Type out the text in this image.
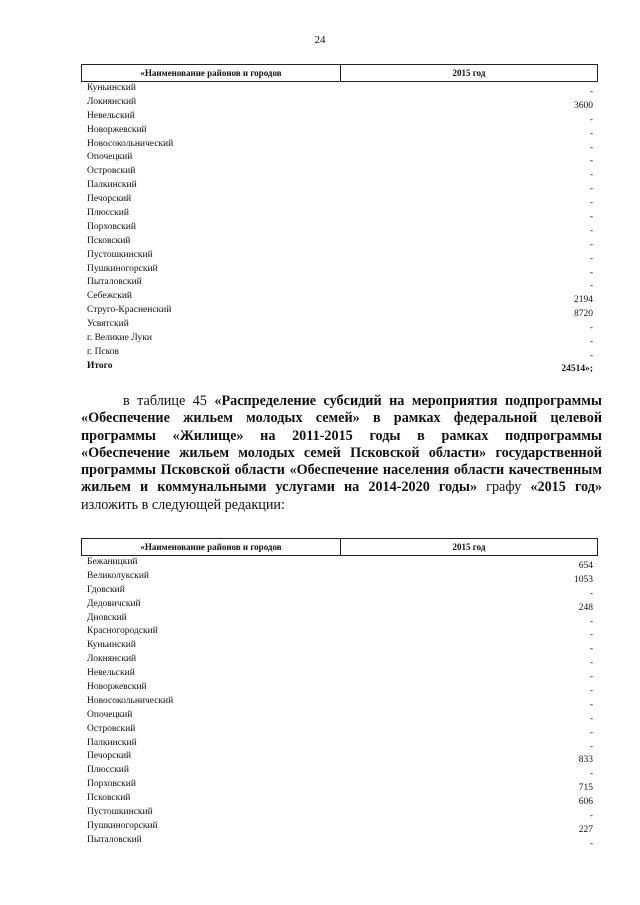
24
«Наименование районов и городов	2015 год
Куньинский	-
Локнянский	3600
Невельский	-
Новоржевский	-
Новосокольнический	-
Опочецкий	-
Островский	-
Палкинский	-
Печорский	-
Плюсский	-
Порховский	-
Псковский	-
Пустошкинский	-
Пушкиногорский	-
Пыталовский	-
Себежский	2194
Струго-Красненский	8720
Усвятский	-
г. Великие Луки	-
г. Псков	-
Итого	24514»;
в таблице 45 «Распределение субсидий на мероприятия подпрограммы «Обеспечение жильем молодых семей» в рамках федеральной целевой программы «Жилище» на 2011-2015 годы в рамках подпрограммы «Обеспечение жильем молодых семей Псковской области» государственной программы Псковской области «Обеспечение населения области качественным жильем и коммунальными услугами на 2014-2020 годы» графу «2015 год» изложить в следующей редакции:
«Наименование районов и городов	2015 год
Бежаницкий	654
Великолукский	1053
Гдовский	-
Дедовичский	248
Дновский	-
Красногородский	-
Куньинский	-
Локнянский	-
Невельский	-
Новоржевский	-
Новосокольнический	-
Опочецкий	-
Островский	-
Палкинский	-
Печорский	833
Плюсский	-
Порховский	715
Псковский	606
Пустошкинский	-
Пушкиногорский	227
Пыталовский	-
